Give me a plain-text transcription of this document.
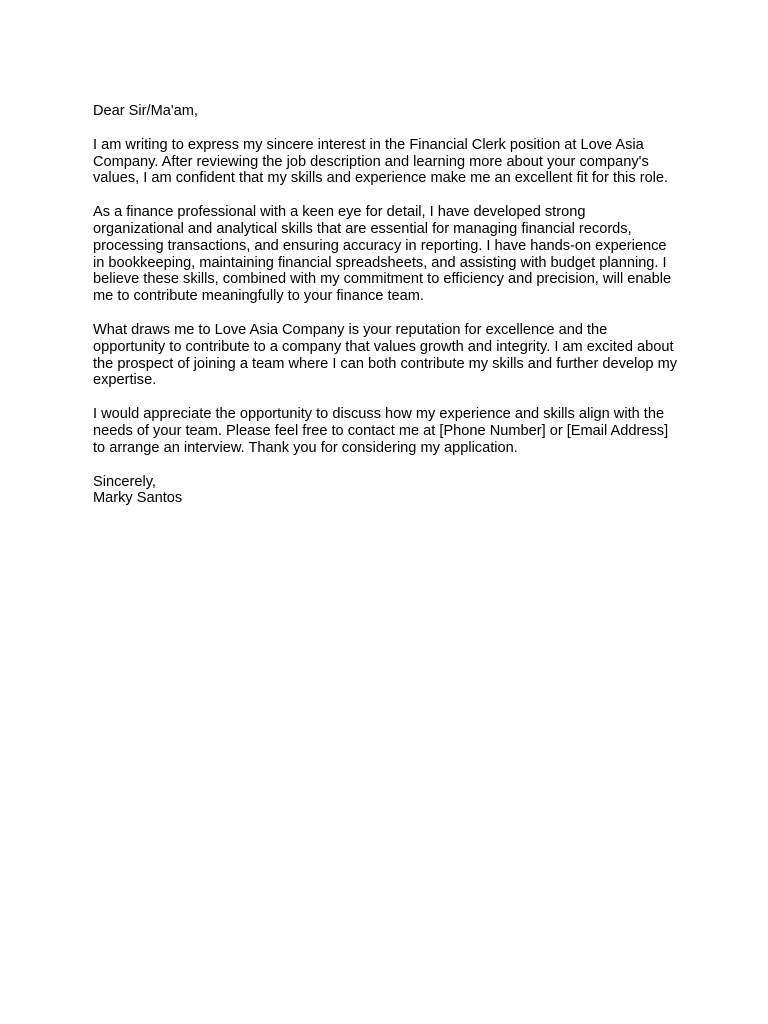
Dear Sir/Ma'am,

I am writing to express my sincere interest in the Financial Clerk position at Love Asia Company. After reviewing the job description and learning more about your company's values, I am confident that my skills and experience make me an excellent fit for this role.

As a finance professional with a keen eye for detail, I have developed strong organizational and analytical skills that are essential for managing financial records, processing transactions, and ensuring accuracy in reporting. I have hands-on experience in bookkeeping, maintaining financial spreadsheets, and assisting with budget planning. I believe these skills, combined with my commitment to efficiency and precision, will enable me to contribute meaningfully to your finance team.

What draws me to Love Asia Company is your reputation for excellence and the opportunity to contribute to a company that values growth and integrity. I am excited about the prospect of joining a team where I can both contribute my skills and further develop my expertise.

I would appreciate the opportunity to discuss how my experience and skills align with the needs of your team. Please feel free to contact me at [Phone Number] or [Email Address] to arrange an interview. Thank you for considering my application.

Sincerely,
Marky Santos
